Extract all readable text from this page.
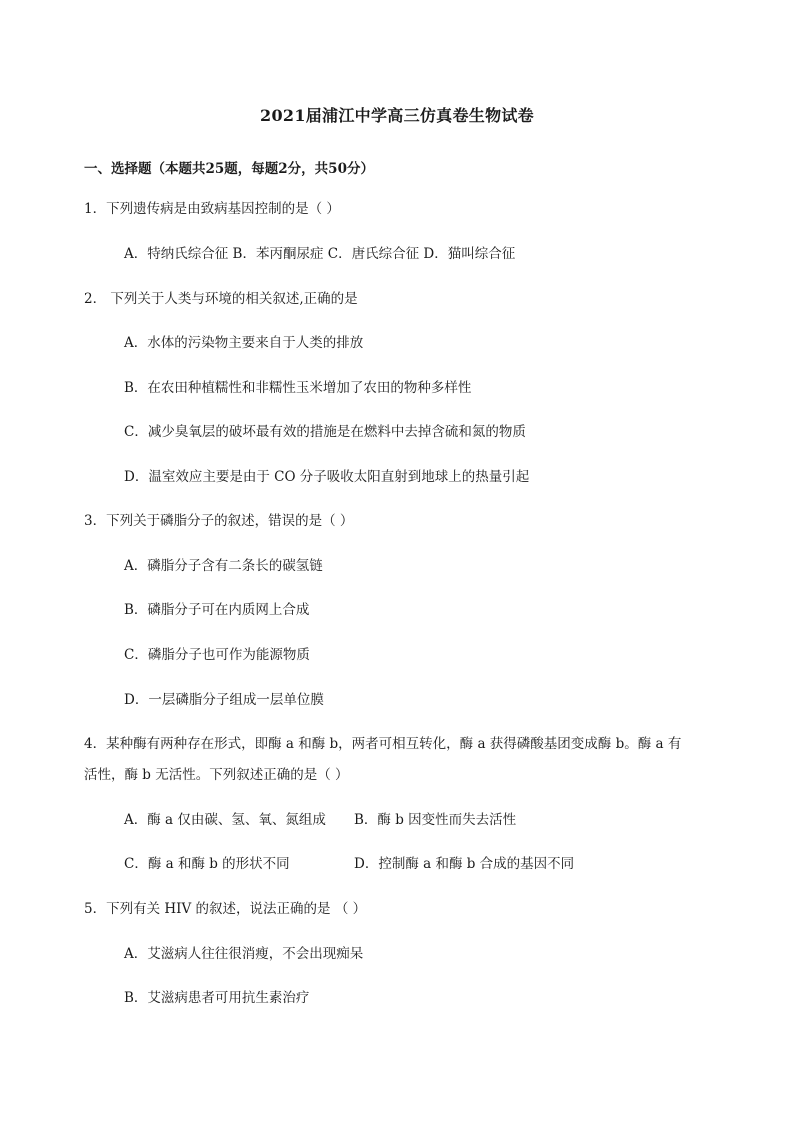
2021届浦江中学高三仿真卷生物试卷
一、选择题（本题共25题，每题2分，共50分）
1．下列遗传病是由致病基因控制的是（ ）
A．特纳氏综合征 B．苯丙酮尿症 C．唐氏综合征 D．猫叫综合征
2． 下列关于人类与环境的相关叙述,正确的是
A．水体的污染物主要来自于人类的排放
B．在农田种植糯性和非糯性玉米增加了农田的物种多样性
C．减少臭氧层的破坏最有效的措施是在燃料中去掉含硫和氮的物质
D．温室效应主要是由于 CO 分子吸收太阳直射到地球上的热量引起
3．下列关于磷脂分子的叙述，错误的是（ ）
A．磷脂分子含有二条长的碳氢链
B．磷脂分子可在内质网上合成
C．磷脂分子也可作为能源物质
D．一层磷脂分子组成一层单位膜
4．某种酶有两种存在形式，即酶 a 和酶 b，两者可相互转化，酶 a 获得磷酸基团变成酶 b。酶 a 有
活性，酶 b 无活性。下列叙述正确的是（ ）
A．酶 a 仅由碳、氢、氧、氮组成 B．酶 b 因变性而失去活性
C．酶 a 和酶 b 的形状不同	D．控制酶 a 和酶 b 合成的基因不同
5．下列有关 HIV 的叙述，说法正确的是 （ ）
A．艾滋病人往往很消瘦，不会出现痴呆
B．艾滋病患者可用抗生素治疗
